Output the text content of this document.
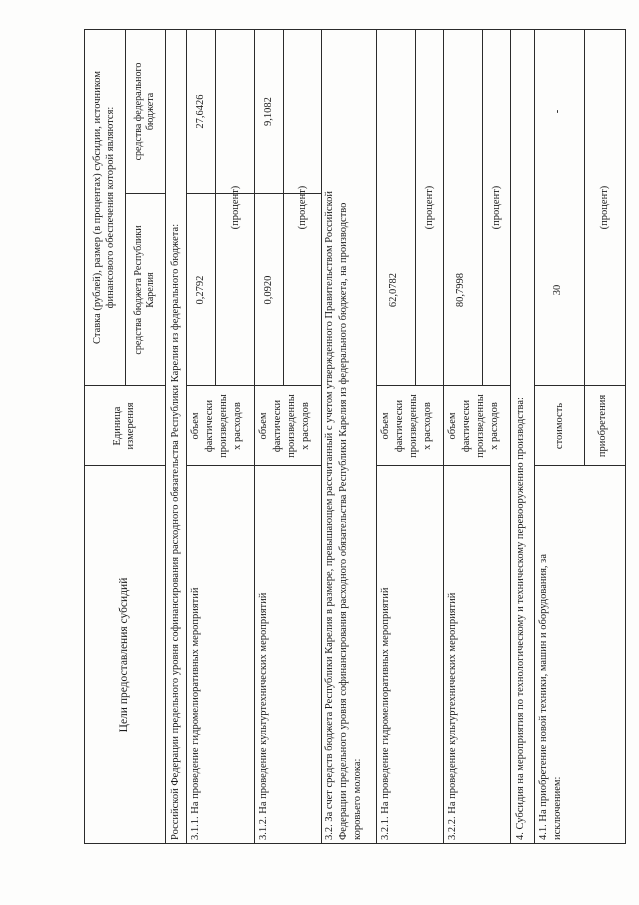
Цели предоставления субсидий
Единица измерения
Ставка (рублей), размер (в процентах) субсидии, источником финансового обеспечения которой являются: средства бюджета Республики Карелия
средства федерального бюджета
Российской Федерации предельного уровня софинансирования расходного обязательства Республики Карелия из федерального бюджета: 3.1.1. На проведение гидромелиоративных мероприятий
объем фактически произведенны х расходов
0,2792
27,6426
(процент)
3.1.2. На проведение культуртехнических мероприятий
объем фактически произведенны х расходов
0,0920
9,1082
(процент) 3.2. За счет средств бюджета Республики Карелия в размере, превышающем рассчитанный с учетом утвержденного Правительством Российской Федерации предельного уровня софинансирования расходного обязательства Республики Карелия из федерального бюджета, на производство коровьего молока: 3.2.1. На проведение гидромелиоративных мероприятий
объем фактически произведенны х расходов
62,0782
(процент)
3.2.2. На проведение культуртехнических мероприятий
объем фактически произведенны х расходов
80,7998
(процент)
4. Субсидия на мероприятия по технологическому и техническому перевооружению производства: 4.1. На приобретение новой техники, машин и оборудования, за исключением:
стоимость	приобретения
30
-
(процент)
